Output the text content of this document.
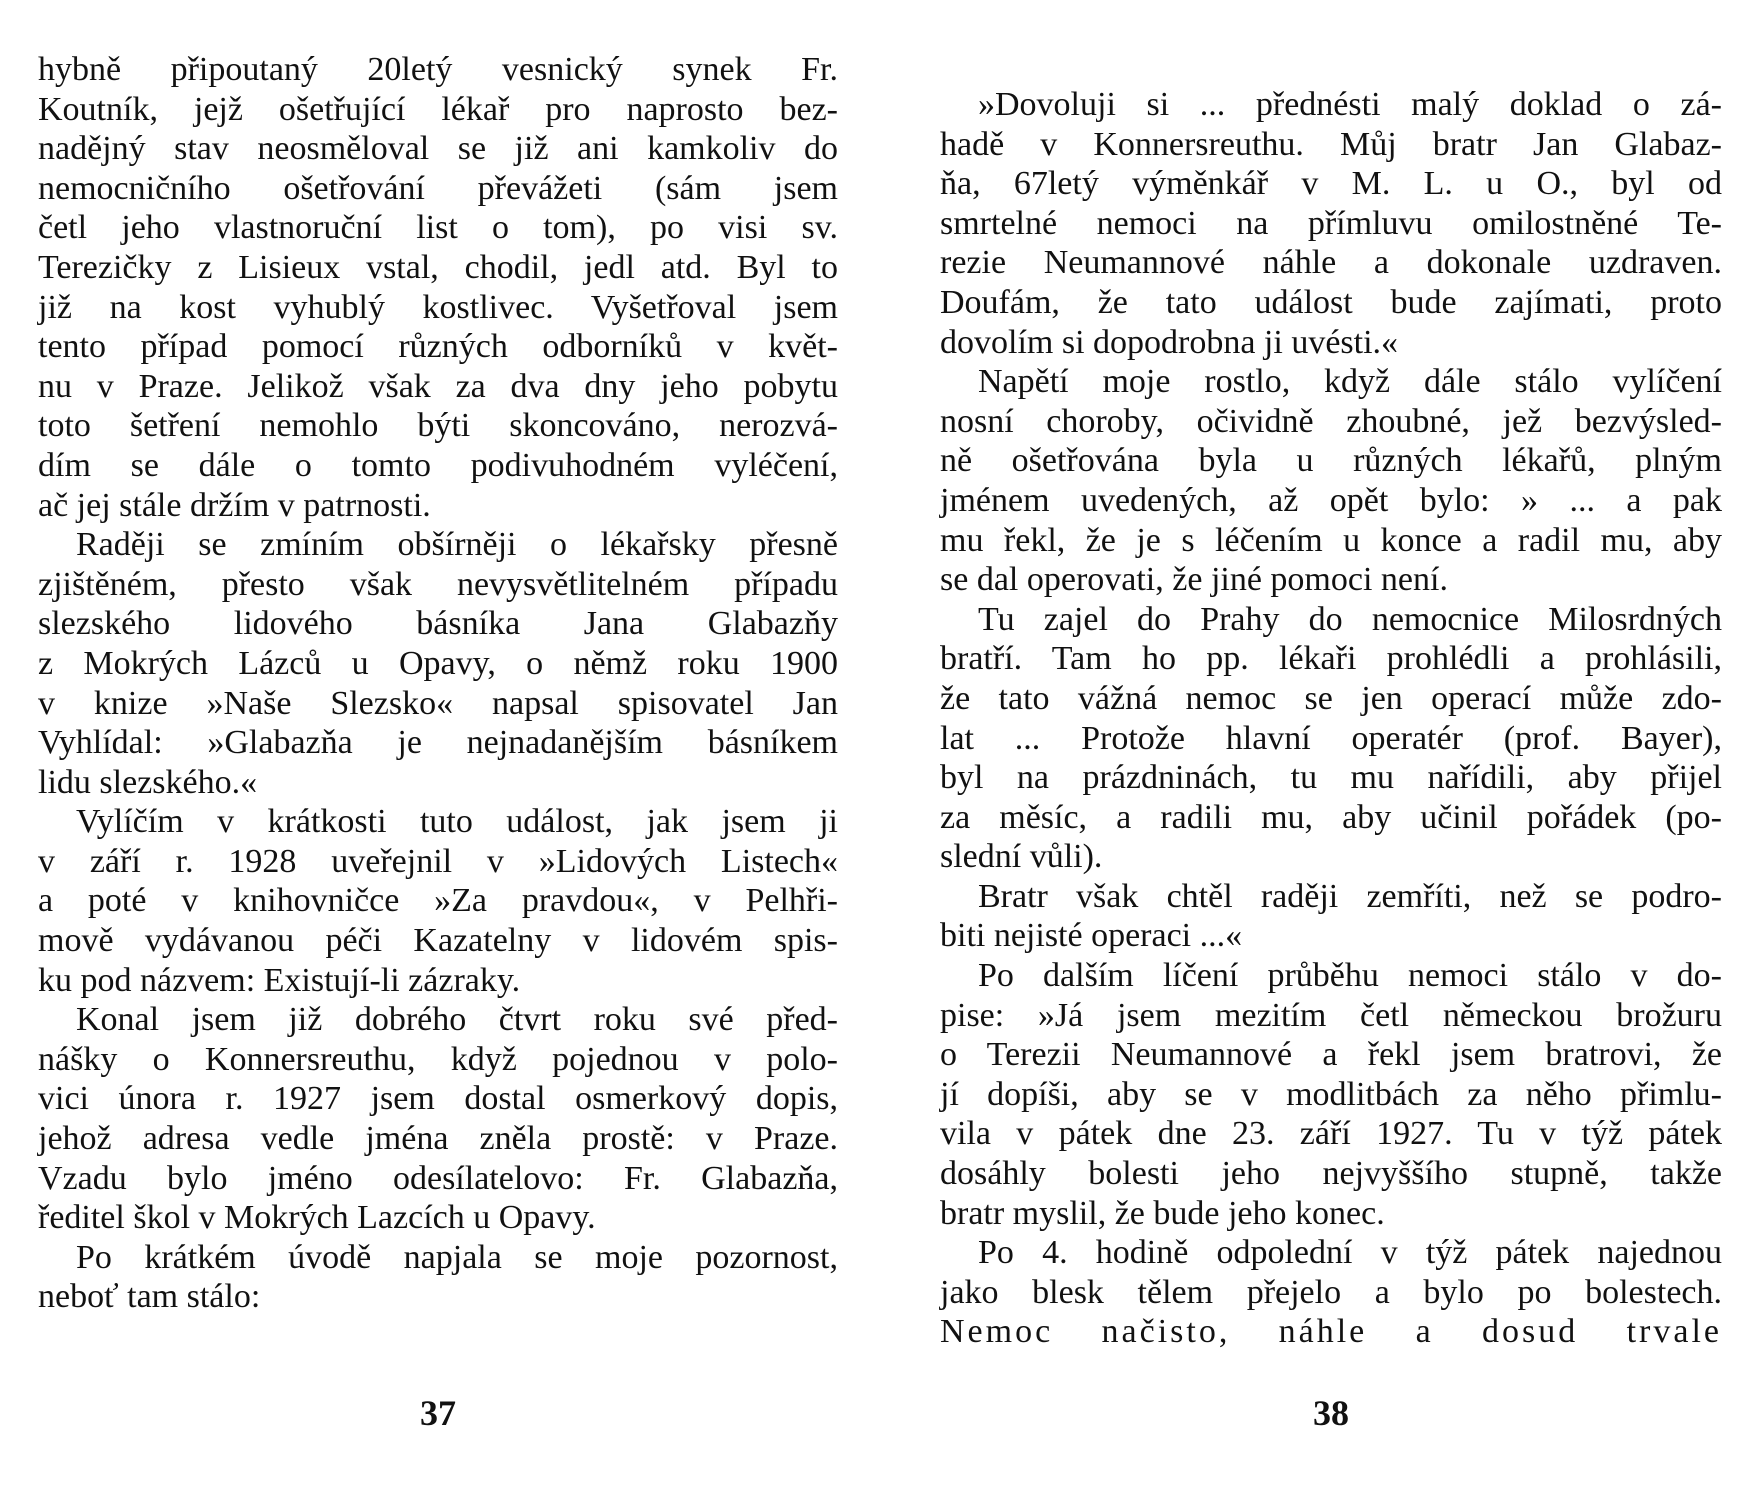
hybně připoutaný 20letý vesnický synek Fr.
Koutník, jejž ošetřující lékař pro naprosto bez-
nadějný stav neosměloval se již ani kamkoliv do
nemocničního ošetřování převážeti (sám jsem
četl jeho vlastnoruční list o tom), po visi sv.
Terezičky z Lisieux vstal, chodil, jedl atd. Byl to
již na kost vyhublý kostlivec. Vyšetřoval jsem
tento případ pomocí různých odborníků v květ-
nu v Praze. Jelikož však za dva dny jeho pobytu
toto šetření nemohlo býti skoncováno, nerozvá-
dím se dále o tomto podivuhodném vyléčení,
ač jej stále držím v patrnosti.
Raději se zmíním obšírněji o lékařsky přesně
zjištěném, přesto však nevysvětlitelném případu
slezského lidového básníka Jana Glabazňy
z Mokrých Lázců u Opavy, o němž roku 1900
v knize »Naše Slezsko« napsal spisovatel Jan
Vyhlídal: »Glabazňa je nejnadanějším básníkem
lidu slezského.«
Vylíčím v krátkosti tuto událost, jak jsem ji
v září r. 1928 uveřejnil v »Lidových Listech«
a poté v knihovničce »Za pravdou«, v Pelhři-
mově vydávanou péči Kazatelny v lidovém spis-
ku pod názvem: Existují-li zázraky.
Konal jsem již dobrého čtvrt roku své před-
nášky o Konnersreuthu, když pojednou v polo-
vici února r. 1927 jsem dostal osmerkový dopis,
jehož adresa vedle jména zněla prostě: v Praze.
Vzadu bylo jméno odesílatelovo: Fr. Glabazňa,
ředitel škol v Mokrých Lazcích u Opavy.
Po krátkém úvodě napjala se moje pozornost,
neboť tam stálo:
37
»Dovoluji si ... přednésti malý doklad o zá-
hadě v Konnersreuthu. Můj bratr Jan Glabaz-
ňa, 67letý výměnkář v M. L. u O., byl od
smrtelné nemoci na přímluvu omilostněné Te-
rezie Neumannové náhle a dokonale uzdraven.
Doufám, že tato událost bude zajímati, proto
dovolím si dopodrobna ji uvésti.«
Napětí moje rostlo, když dále stálo vylíčení
nosní choroby, očividně zhoubné, jež bezvýsled-
ně ošetřována byla u různých lékařů, plným
jménem uvedených, až opět bylo: » ... a pak
mu řekl, že je s léčením u konce a radil mu, aby
se dal operovati, že jiné pomoci není.
Tu zajel do Prahy do nemocnice Milosrdných
bratří. Tam ho pp. lékaři prohlédli a prohlásili,
že tato vážná nemoc se jen operací může zdo-
lat ... Protože hlavní operatér (prof. Bayer),
byl na prázdninách, tu mu nařídili, aby přijel
za měsíc, a radili mu, aby učinil pořádek (po-
slední vůli).
Bratr však chtěl raději zemříti, než se podro-
biti nejisté operaci ...«
Po dalším líčení průběhu nemoci stálo v do-
pise: »Já jsem mezitím četl německou brožuru
o Terezii Neumannové a řekl jsem bratrovi, že
jí dopíši, aby se v modlitbách za něho přimlu-
vila v pátek dne 23. září 1927. Tu v týž pátek
dosáhly bolesti jeho nejvyššího stupně, takže
bratr myslil, že bude jeho konec.
Po 4. hodině odpolední v týž pátek najednou
jako blesk tělem přejelo a bylo po bolestech.
Nemoc načisto, náhle a dosud trvale
38
